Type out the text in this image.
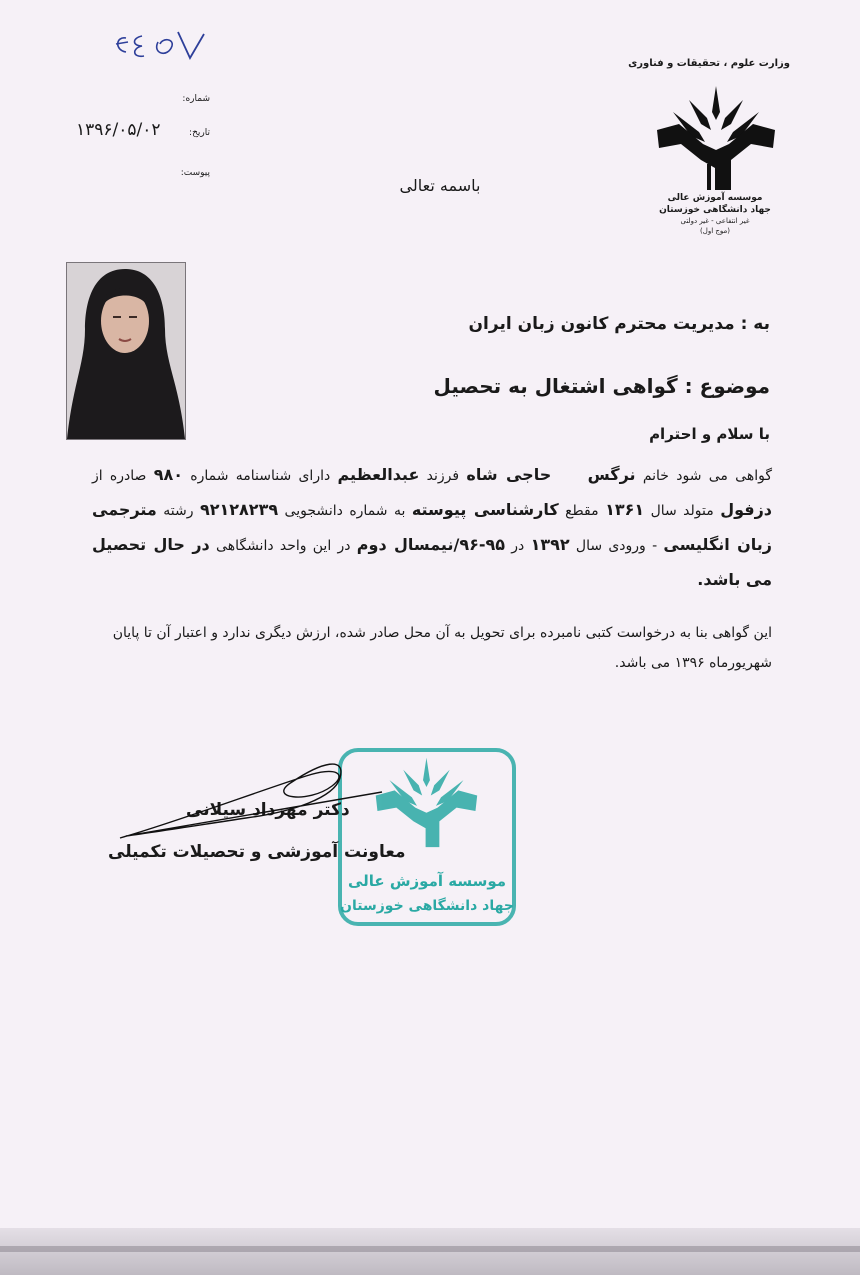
وزارت علوم ، تحقیقات و فناوری
موسسه آموزش عالی
جهاد دانشگاهی خوزستان
غیر انتفاعی - غیر دولتی
(موج اول)
شماره:
تاریخ:
۱۳۹۶/۰۵/۰۲
پیوست:
باسمه تعالی
به : مدیریت محترم کانون زبان ایران
موضوع : گواهی اشتغال به تحصیل
با سلام و احترام
گواهی می شود خانم نرگس     حاجی شاه فرزند عبدالعظیم دارای شناسنامه شماره ۹۸۰ صادره از دزفول متولد سال ۱۳۶۱ مقطع کارشناسی پیوسته به شماره دانشجویی ۹۲۱۲۸۲۳۹ رشته مترجمی زبان انگلیسی - ورودی سال ۱۳۹۲ در ۹۵-۹۶/نیمسال دوم در این واحد دانشگاهی در حال تحصیل می باشد.
این گواهی بنا به درخواست کتبی نامبرده برای تحویل به آن محل صادر شده، ارزش دیگری ندارد و اعتبار آن تا پایان شهریورماه ۱۳۹۶ می باشد.
موسسه آموزش عالی
جهاد دانشگاهی خوزستان
دکتر مهرداد سیلانی
معاونت آموزشی و تحصیلات تکمیلی
